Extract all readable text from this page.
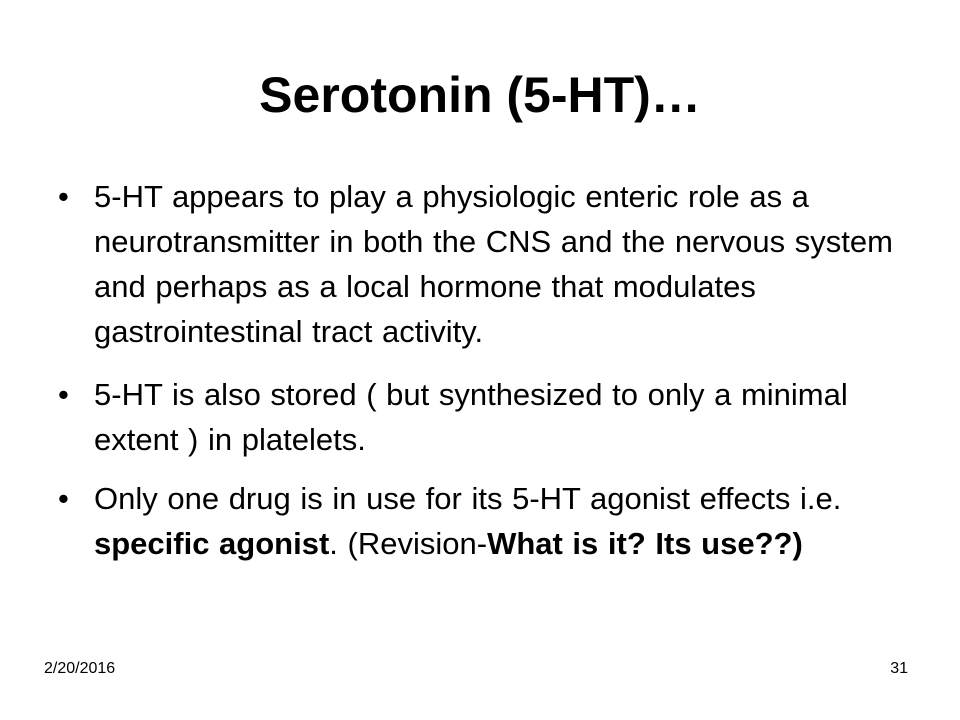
Serotonin (5-HT)…
• 5-HT appears to play a physiologic enteric role as a neurotransmitter in both the CNS and the nervous system and perhaps as a local hormone that modulates gastrointestinal tract activity.
• 5-HT is also stored ( but synthesized to only a minimal extent ) in platelets.
• Only one drug is in use for its 5-HT agonist effects i.e. specific agonist. (Revision-What is it? Its use??)
2/20/2016	31
